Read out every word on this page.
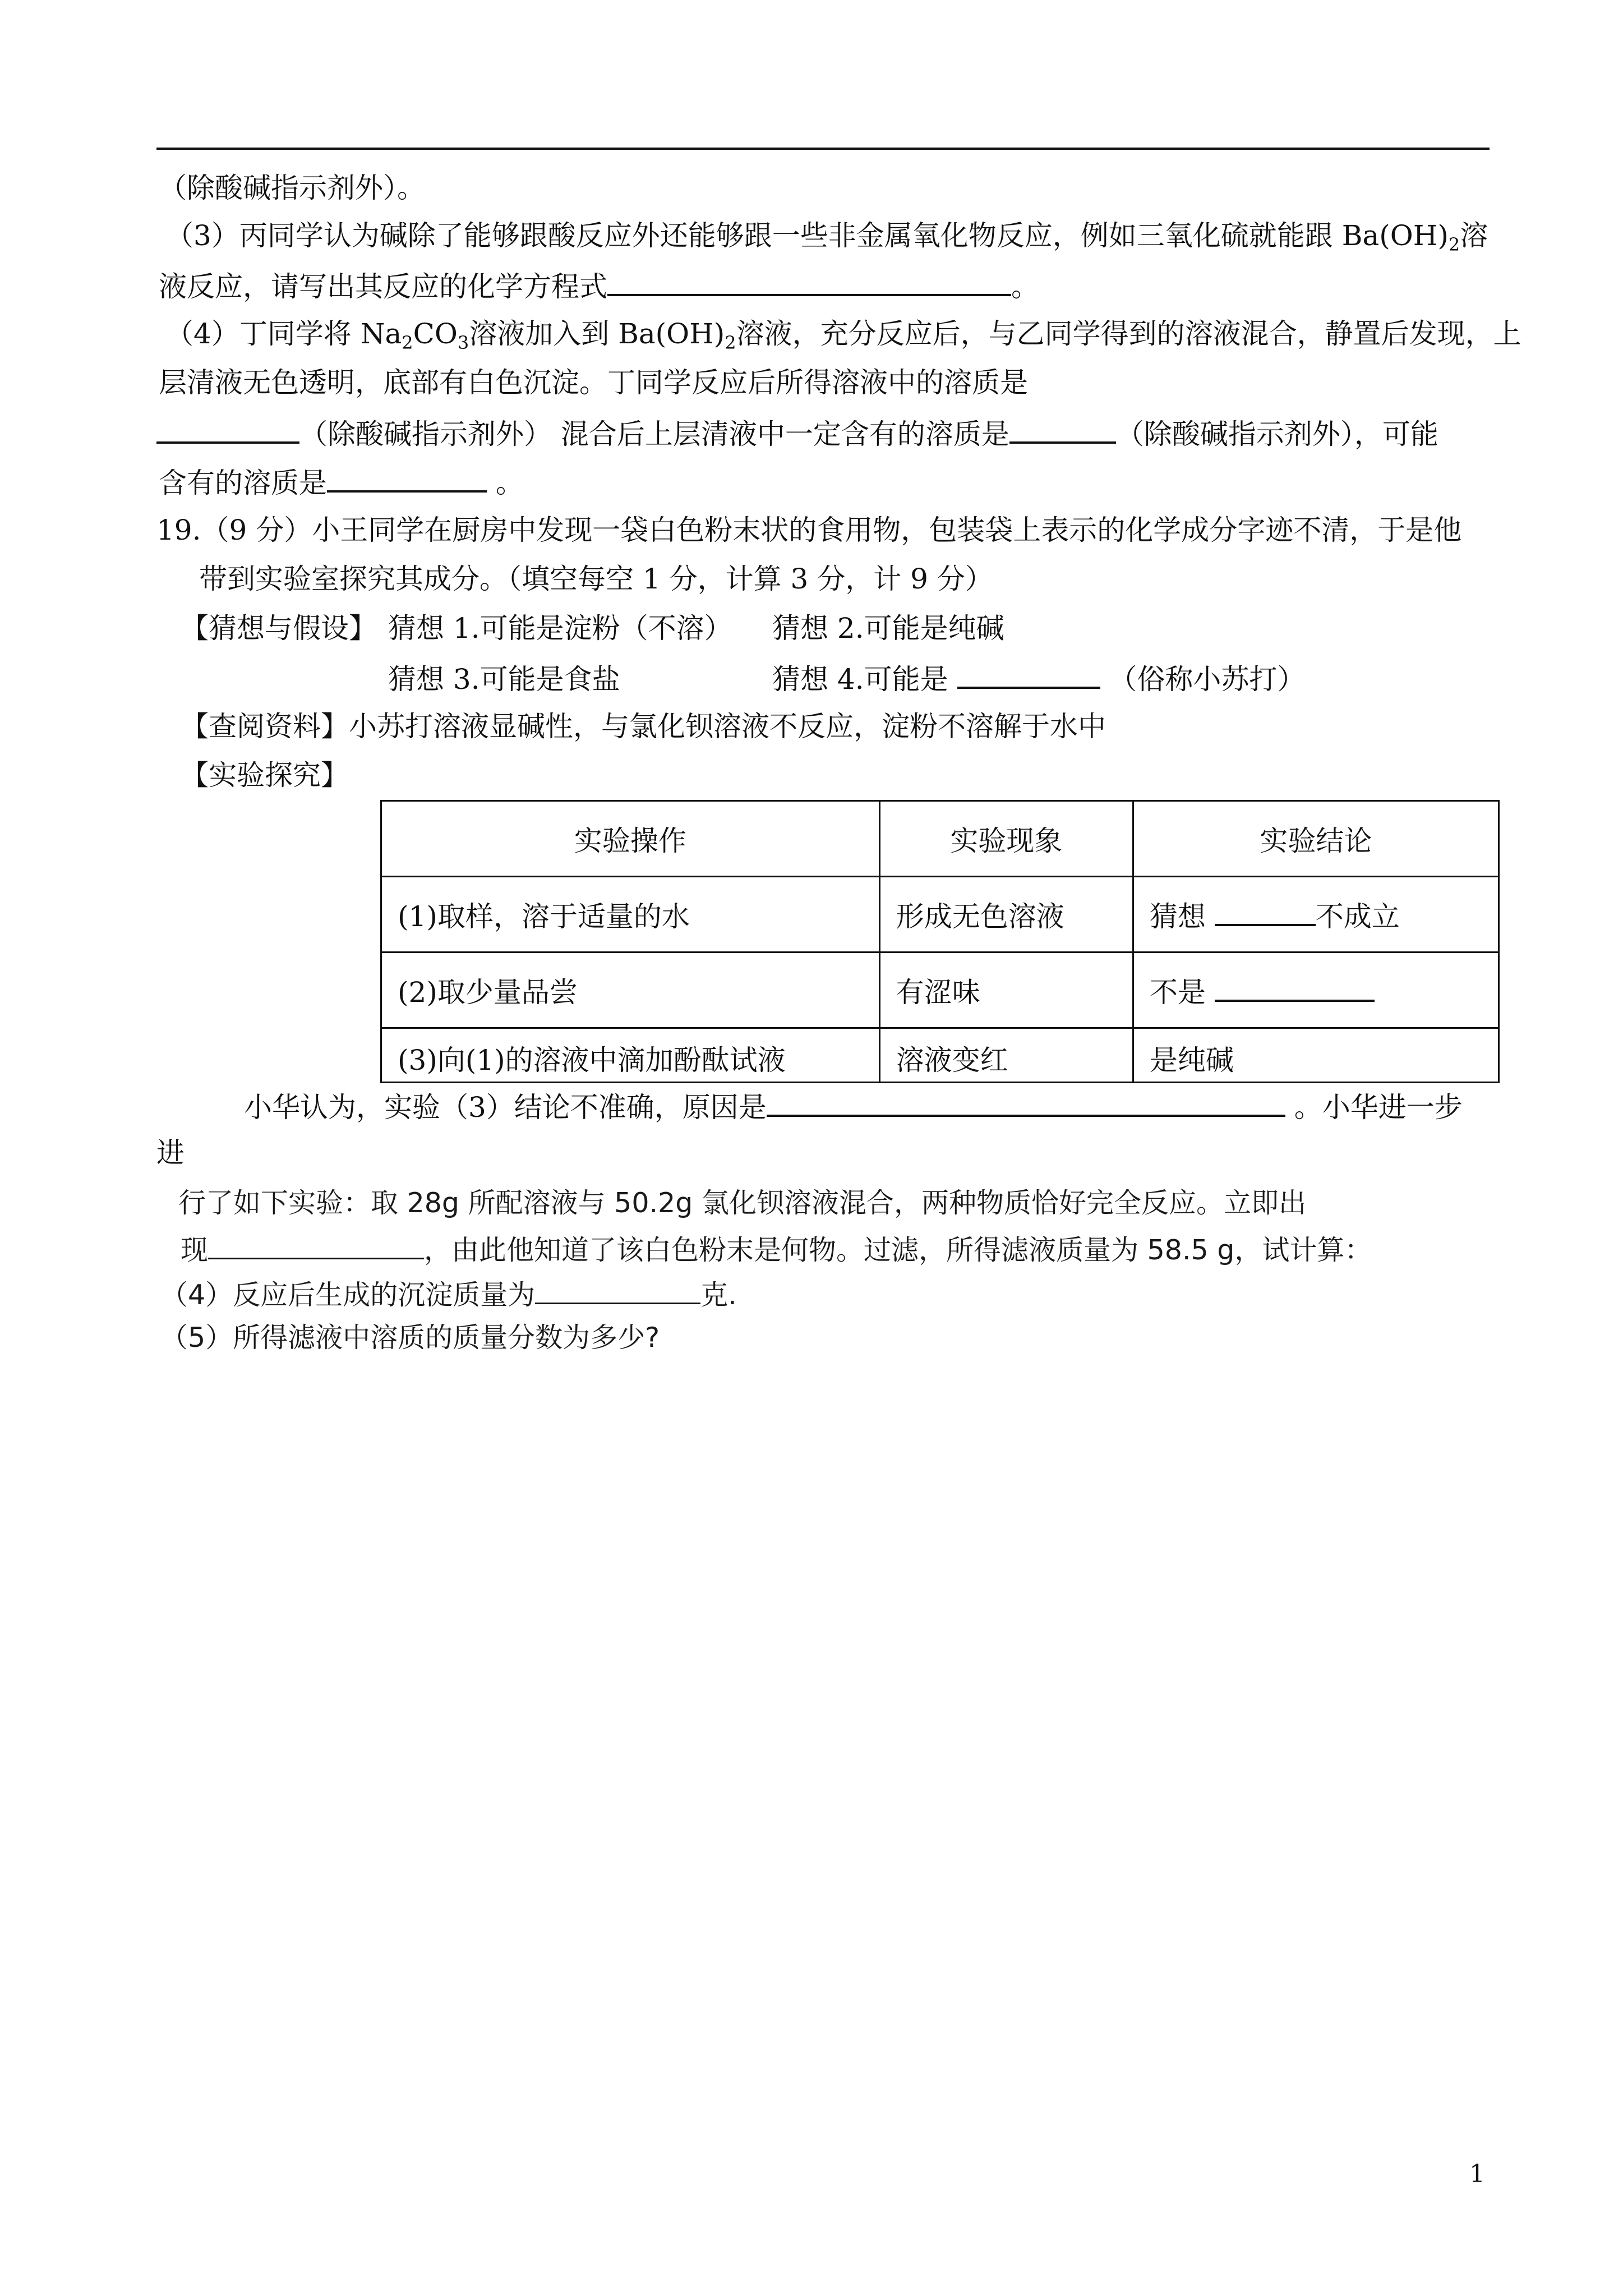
（除酸碱指示剂外）。
（3）丙同学认为碱除了能够跟酸反应外还能够跟一些非金属氧化物反应，例如三氧化硫就能跟 $Ba(OH)_2$溶
液反应，请写出其反应的化学方程式	。
（4）丁同学将 $Na_2CO_3$溶液加入到 $Ba(OH)_2$溶液，充分反应后，与乙同学得到的溶液混合，静置后发现，上
层清液无色透明，底部有白色沉淀。丁同学反应后所得溶液中的溶质是
（除酸碱指示剂外） 混合后上层清液中一定含有的溶质是	（除酸碱指示剂外），可能
含有的溶质是	。
19.（9 分）小王同学在厨房中发现一袋白色粉末状的食用物，包装袋上表示的化学成分字迹不清，于是他
带到实验室探究其成分。（填空每空 1 分，计算 3 分，计 9 分）
【猜想与假设】 猜想 1.可能是淀粉（不溶） 猜想 2.可能是纯碱
猜想 3.可能是食盐	猜想 4.可能是	（俗称小苏打）
【查阅资料】小苏打溶液显碱性，与氯化钡溶液不反应，淀粉不溶解于水中
【实验探究】
实验操作	实验现象	实验结论
(1)取样，溶于适量的水	形成无色溶液	猜想 不成立
(2)取少量品尝	有涩味	不是
(3)向(1)的溶液中滴加酚酞试液	溶液变红	是纯碱
小华认为，实验（3）结论不准确，原因是	。小华进一步
进
行了如下实验：取 28g 所配溶液与 50.2g 氯化钡溶液混合，两种物质恰好完全反应。立即出
现	，由此他知道了该白色粉末是何物。过滤，所得滤液质量为 58.5 g，试计算：
（4）反应后生成的沉淀质量为	克.
（5）所得滤液中溶质的质量分数为多少?
1
